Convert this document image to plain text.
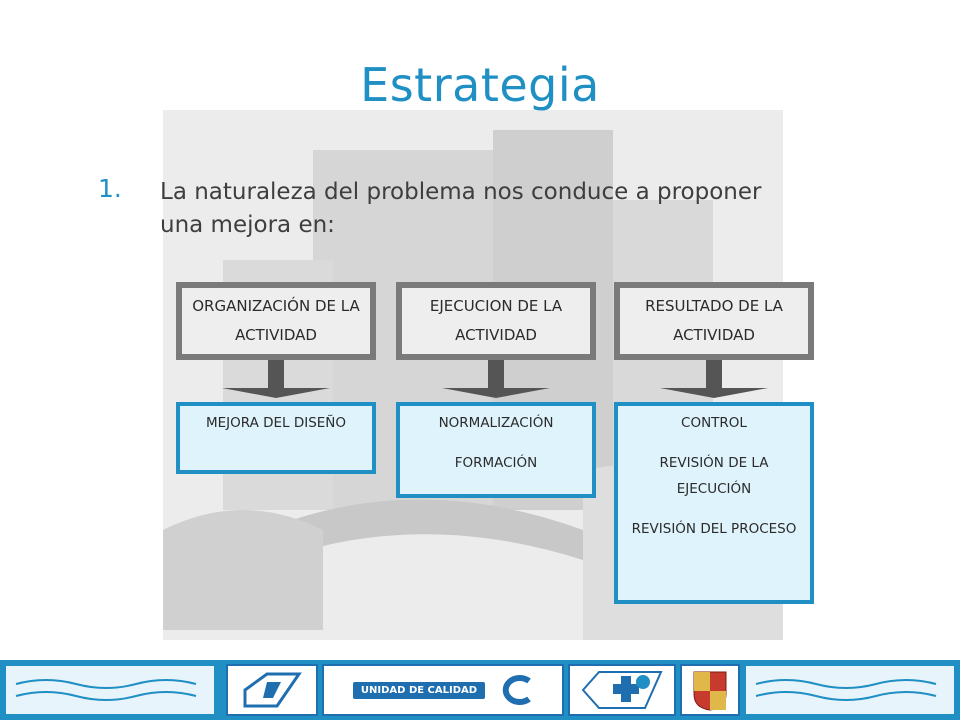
Estrategia
1. La naturaleza del problema nos conduce a proponer una mejora en:
ORGANIZACIÓN DE LA ACTIVIDAD
MEJORA DEL DISEÑO
EJECUCION DE LA ACTIVIDAD
NORMALIZACIÓN
FORMACIÓN
RESULTADO DE LA ACTIVIDAD
CONTROL
REVISIÓN DE LA EJECUCIÓN
REVISIÓN DEL PROCESO
UNIDAD DE CALIDAD
